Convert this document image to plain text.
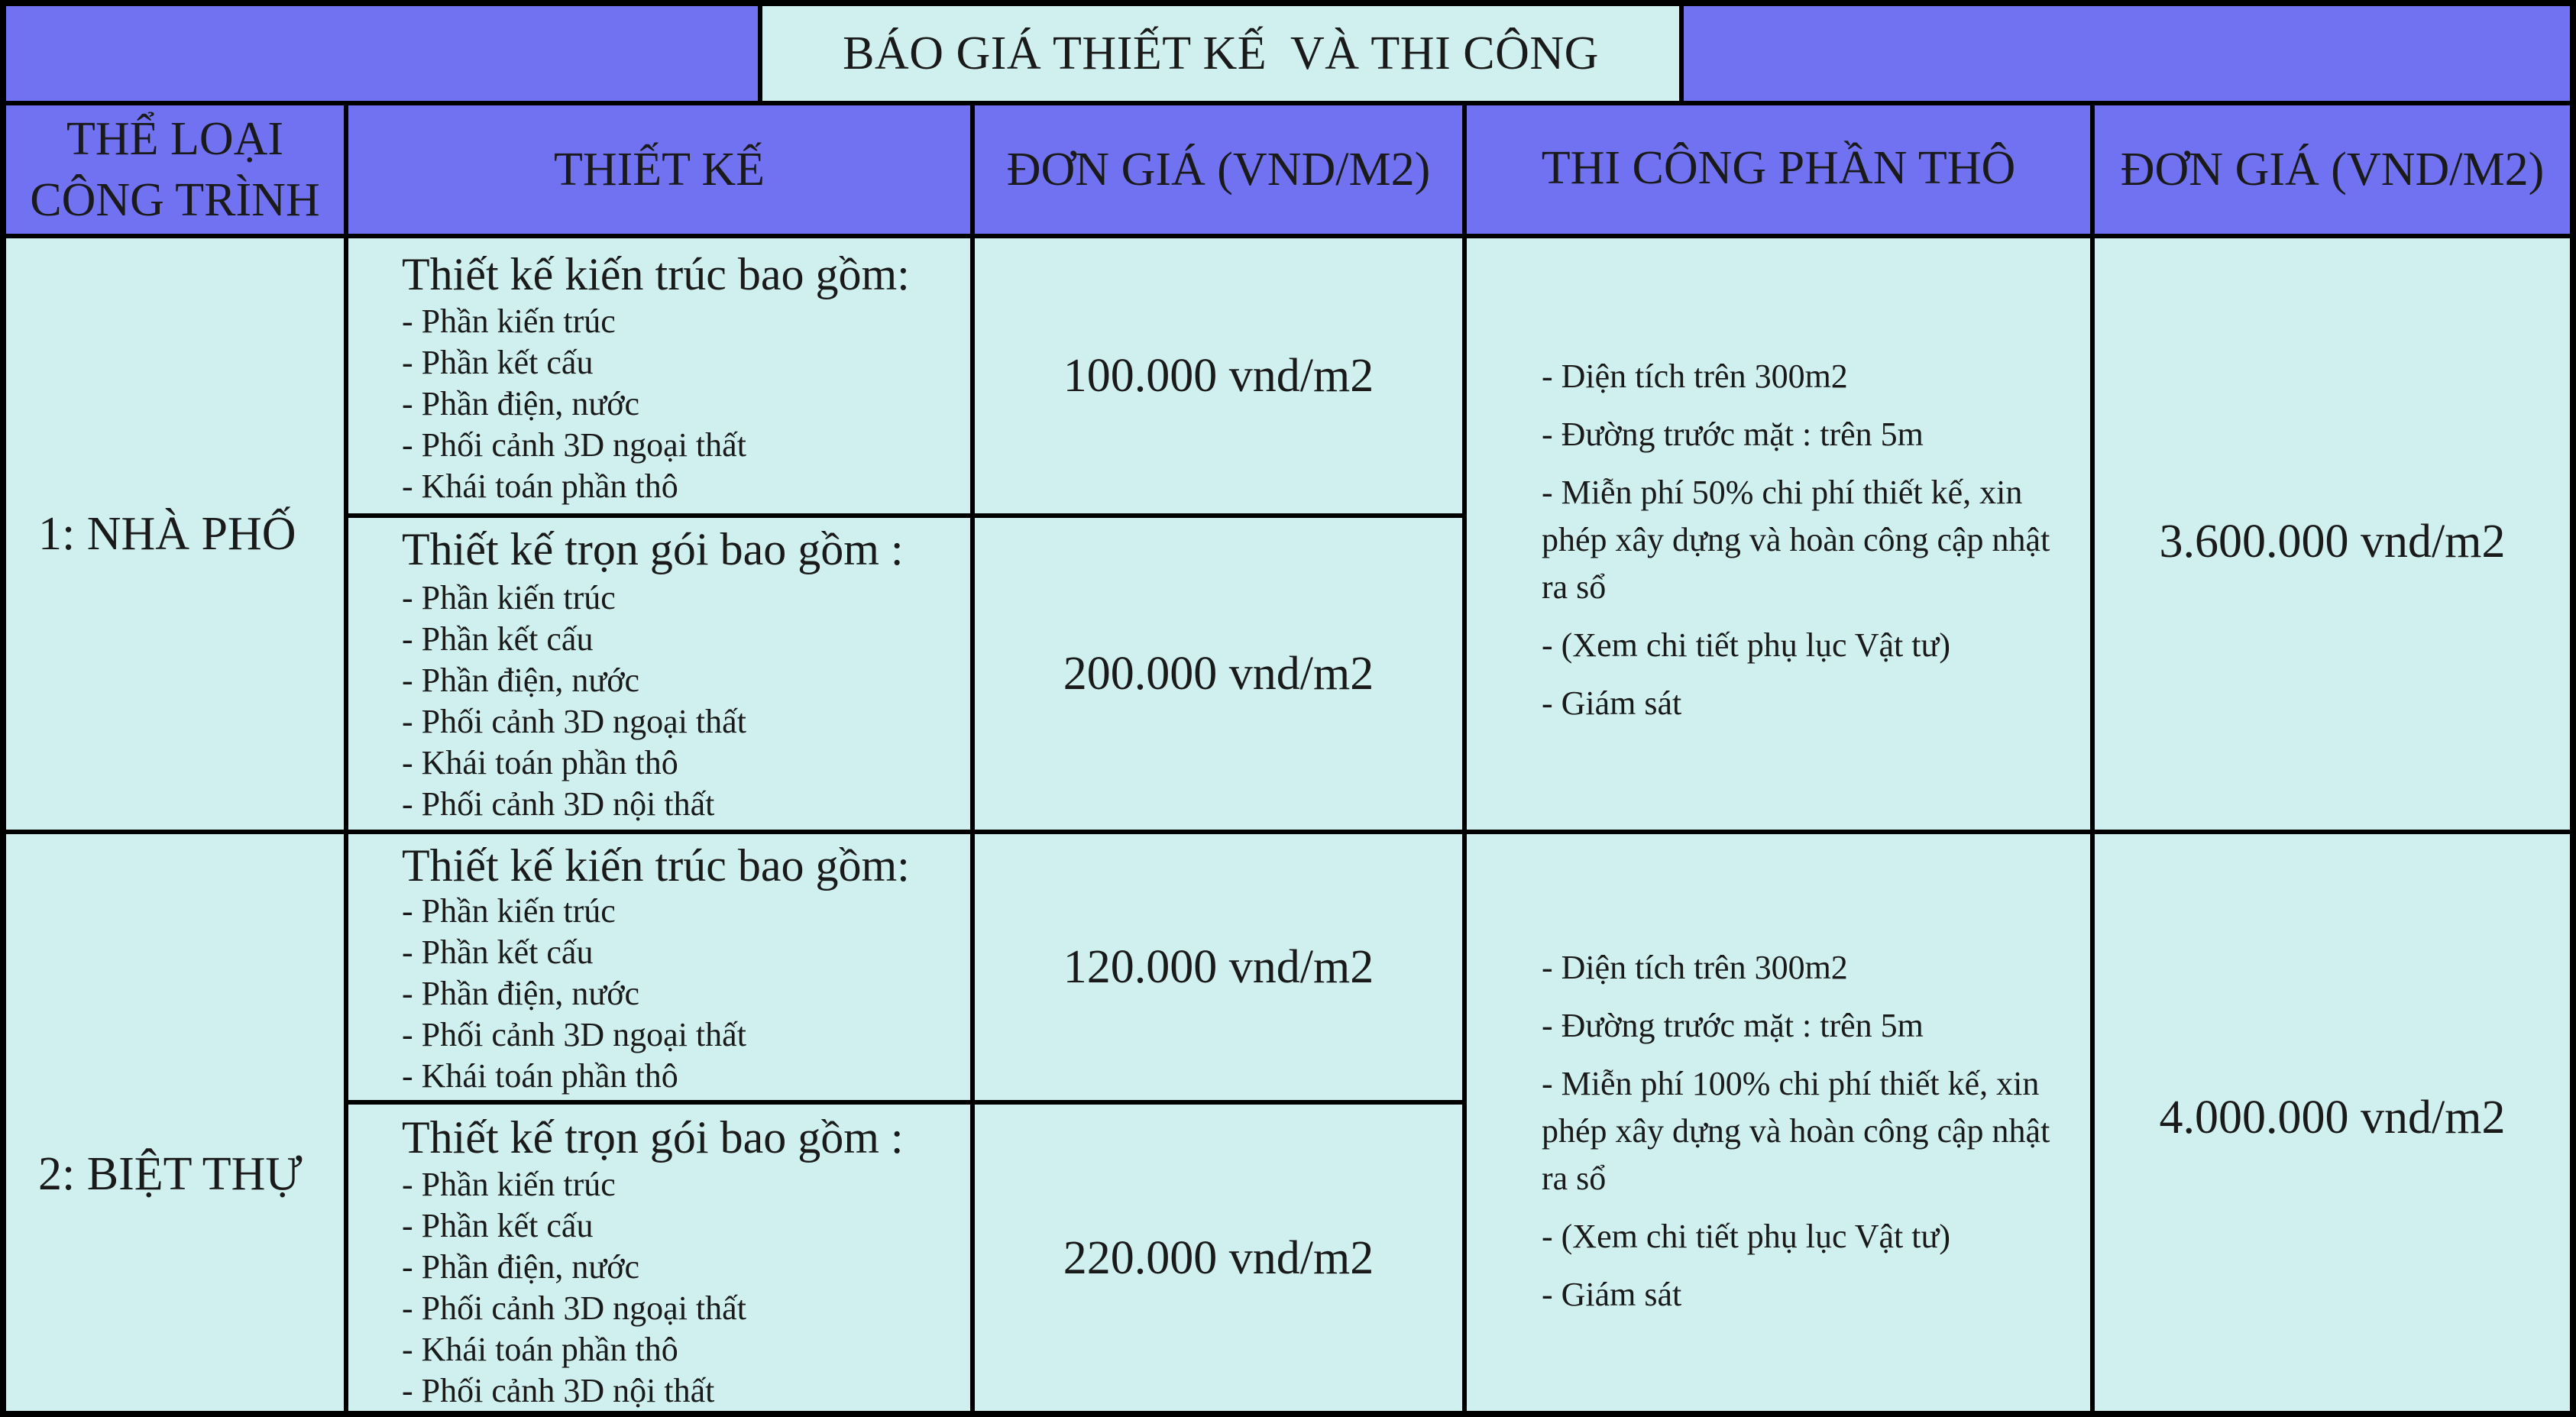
BÁO GIÁ THIẾT KẾ  VÀ THI CÔNG
THỂ LOẠI CÔNG TRÌNH
THIẾT KẾ	ĐƠN GIÁ (VND/M2) THI CÔNG PHẦN THÔ ĐƠN GIÁ (VND/M2)
1: NHÀ PHỐ
Thiết kế kiến trúc bao gồm:
- Phần kiến trúc
- Phần kết cấu
- Phần điện, nước
- Phối cảnh 3D ngoại thất
- Khái toán phần thô
100.000 vnd/m2
Thiết kế trọn gói bao gồm :
- Phần kiến trúc
- Phần kết cấu
- Phần điện, nước
- Phối cảnh 3D ngoại thất
- Khái toán phần thô
- Phối cảnh 3D nội thất
200.000 vnd/m2
- Diện tích trên 300m2
- Đường trước mặt : trên 5m
- Miễn phí 50% chi phí thiết kế, xin phép xây dựng và hoàn công cập nhật ra sổ
- (Xem chi tiết phụ lục Vật tư)
- Giám sát
3.600.000 vnd/m2
2: BIỆT THỰ
Thiết kế kiến trúc bao gồm:
- Phần kiến trúc
- Phần kết cấu
- Phần điện, nước
- Phối cảnh 3D ngoại thất
- Khái toán phần thô
120.000 vnd/m2
Thiết kế trọn gói bao gồm :
- Phần kiến trúc
- Phần kết cấu
- Phần điện, nước
- Phối cảnh 3D ngoại thất
- Khái toán phần thô
- Phối cảnh 3D nội thất
220.000 vnd/m2
- Diện tích trên 300m2
- Đường trước mặt : trên 5m
- Miễn phí 100% chi phí thiết kế, xin phép xây dựng và hoàn công cập nhật ra sổ
- (Xem chi tiết phụ lục Vật tư)
- Giám sát
4.000.000 vnd/m2
